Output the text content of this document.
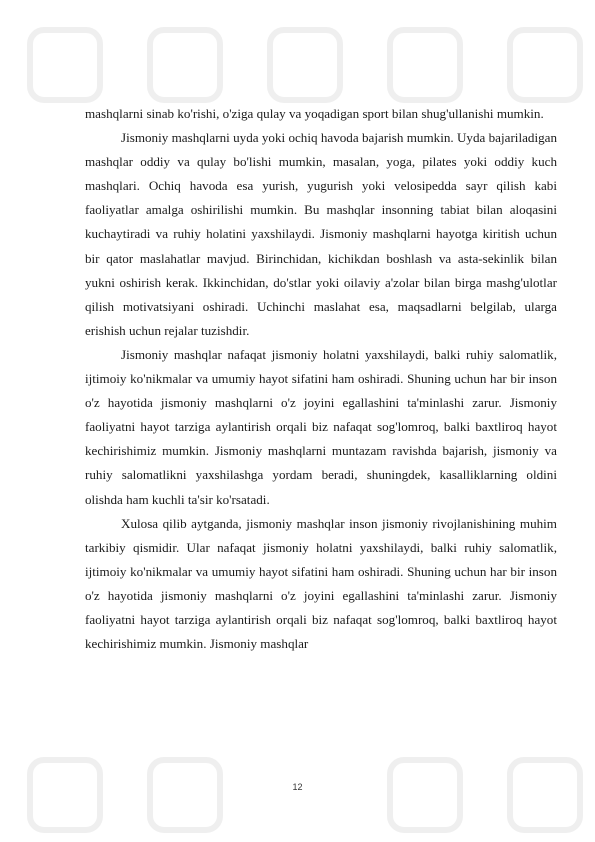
mashqlarni sinab ko'rishi, o'ziga qulay va yoqadigan sport bilan shug'ullanishi mumkin.

Jismoniy mashqlarni uyda yoki ochiq havoda bajarish mumkin. Uyda bajariladigan mashqlar oddiy va qulay bo'lishi mumkin, masalan, yoga, pilates yoki oddiy kuch mashqlari. Ochiq havoda esa yurish, yugurish yoki velosipedda sayr qilish kabi faoliyatlar amalga oshirilishi mumkin. Bu mashqlar insonning tabiat bilan aloqasini kuchaytiradi va ruhiy holatini yaxshilaydi. Jismoniy mashqlarni hayotga kiritish uchun bir qator maslahatlar mavjud. Birinchidan, kichikdan boshlash va asta-sekinlik bilan yukni oshirish kerak. Ikkinchidan, do'stlar yoki oilaviy a'zolar bilan birga mashg'ulotlar qilish motivatsiyani oshiradi. Uchinchi maslahat esa, maqsadlarni belgilab, ularga erishish uchun rejalar tuzishdir.

Jismoniy mashqlar nafaqat jismoniy holatni yaxshilaydi, balki ruhiy salomatlik, ijtimoiy ko'nikmalar va umumiy hayot sifatini ham oshiradi. Shuning uchun har bir inson o'z hayotida jismoniy mashqlarni o'z joyini egallashini ta'minlashi zarur. Jismoniy faoliyatni hayot tarziga aylantirish orqali biz nafaqat sog'lomroq, balki baxtliroq hayot kechirishimiz mumkin. Jismoniy mashqlarni muntazam ravishda bajarish, jismoniy va ruhiy salomatlikni yaxshilashga yordam beradi, shuningdek, kasalliklarning oldini olishda ham kuchli ta'sir ko'rsatadi.

Xulosa qilib aytganda, jismoniy mashqlar inson jismoniy rivojlanishining muhim tarkibiy qismidir. Ular nafaqat jismoniy holatni yaxshilaydi, balki ruhiy salomatlik, ijtimoiy ko'nikmalar va umumiy hayot sifatini ham oshiradi. Shuning uchun har bir inson o'z hayotida jismoniy mashqlarni o'z joyini egallashini ta'minlashi zarur. Jismoniy faoliyatni hayot tarziga aylantirish orqali biz nafaqat sog'lomroq, balki baxtliroq hayot kechirishimiz mumkin. Jismoniy mashqlar

12
